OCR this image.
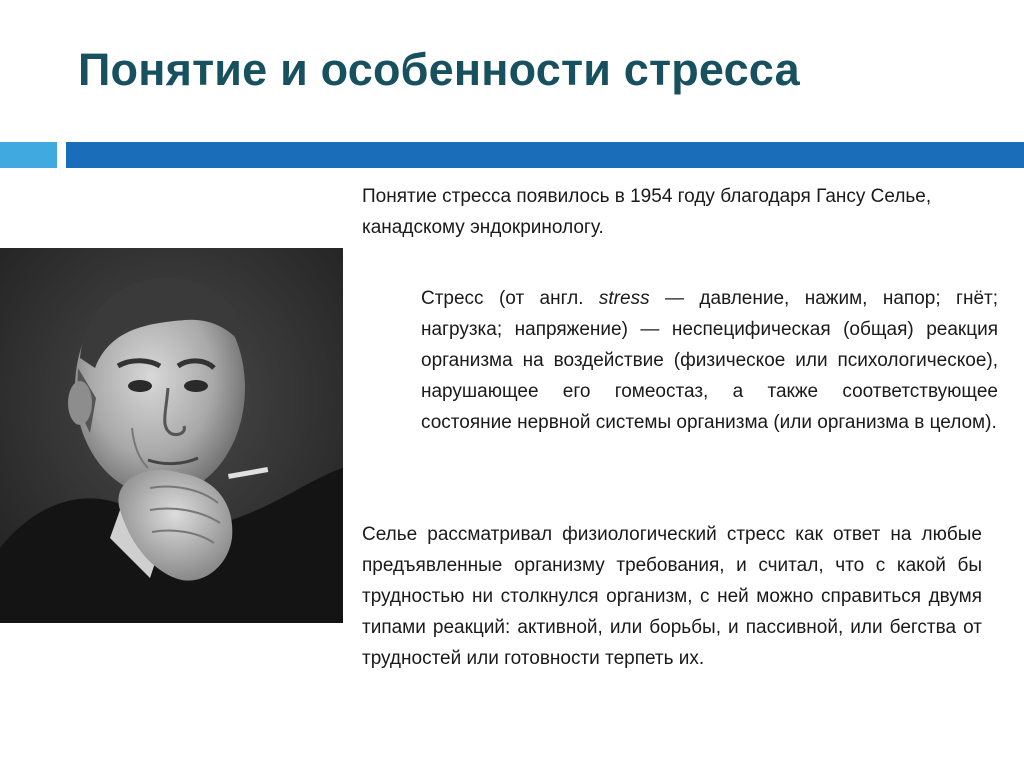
Понятие и особенности стресса
Понятие стресса появилось в 1954 году благодаря Гансу Селье, канадскому эндокринологу.
Стресс (от англ. stress — давление, нажим, напор; гнёт; нагрузка; напряжение) — неспецифическая (общая) реакция организма на воздействие (физическое или психологическое), нарушающее его гомеостаз, а также соответствующее состояние нервной системы организма (или организма в целом).
Селье рассматривал физиологический стресс как ответ на любые предъявленные организму требования, и считал, что с какой бы трудностью ни столкнулся организм, с ней можно справиться двумя типами реакций: активной, или борьбы, и пассивной, или бегства от трудностей или готовности терпеть их.
